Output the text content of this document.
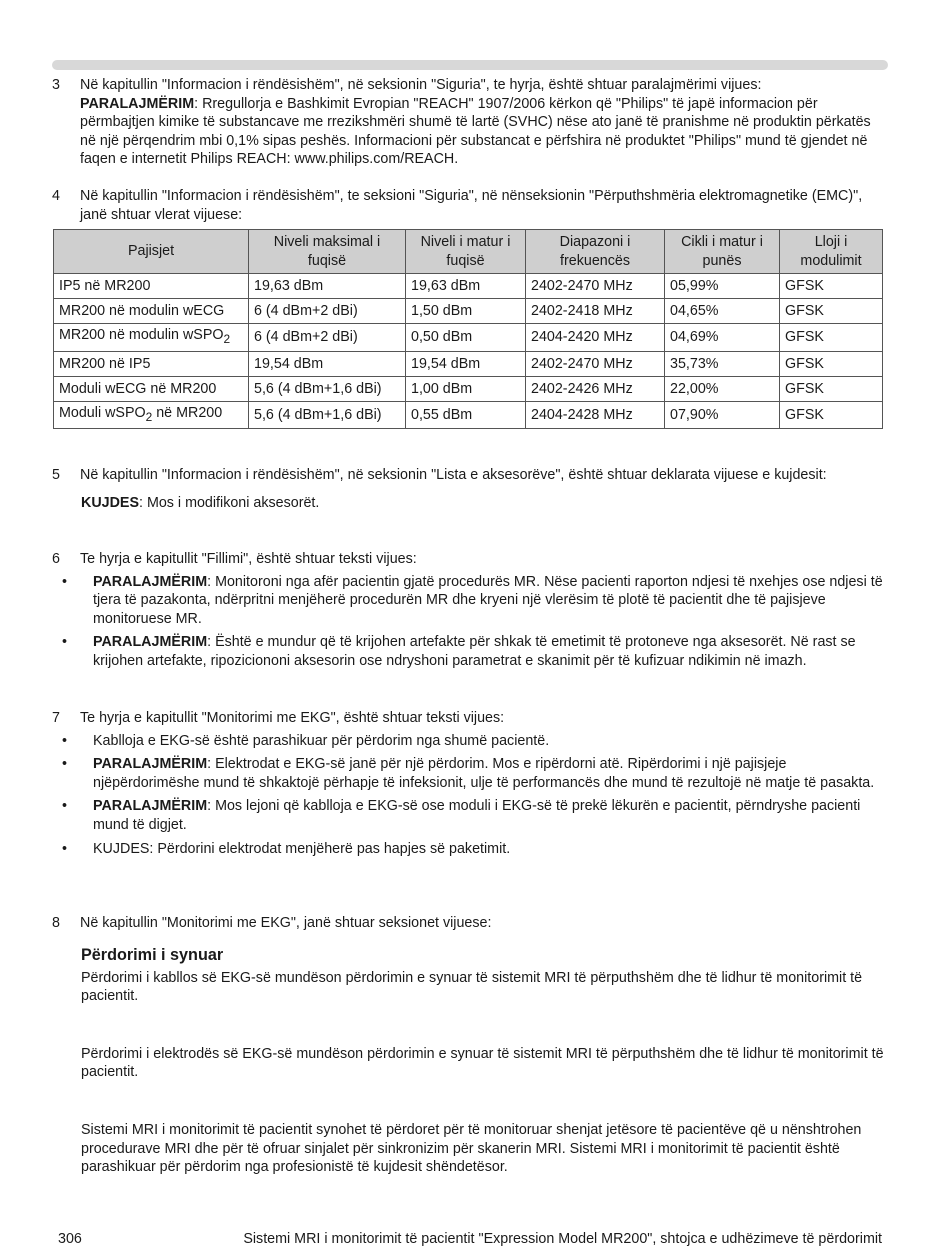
3	Në kapitullin "Informacion i rëndësishëm", në seksionin "Siguria", te hyrja, është shtuar paralajmërimi vijues:

PARALAJMËRIM: Rregullorja e Bashkimit Evropian "REACH" 1907/2006 kërkon që "Philips" të japë informacion për përmbajtjen kimike të substancave me rrezikshmëri shumë të lartë (SVHC) nëse ato janë të pranishme në produktin përkatës në një përqendrim mbi 0,1% sipas peshës. Informacioni për substancat e përfshira në produktet "Philips" mund të gjendet në faqen e internetit Philips REACH: www.philips.com/REACH.

4	Në kapitullin "Informacion i rëndësishëm", te seksioni "Siguria", në nënseksionin "Përputhshmëria elektromagnetike (EMC)", janë shtuar vlerat vijuese:

Pajisjet	Niveli maksimal i fuqisë	Niveli i matur i fuqisë	Diapazoni i frekuencës	Cikli i matur i punës	Lloji i modulimit
IP5 në MR200	19,63 dBm	19,63 dBm	2402-2470 MHz	05,99%	GFSK
MR200 në modulin wECG	6 (4 dBm+2 dBi)	1,50 dBm	2402-2418 MHz	04,65%	GFSK
MR200 në modulin wSPO$_2$	6 (4 dBm+2 dBi)	0,50 dBm	2404-2420 MHz	04,69%	GFSK
MR200 në IP5	19,54 dBm	19,54 dBm	2402-2470 MHz	35,73%	GFSK
Moduli wECG në MR200	5,6 (4 dBm+1,6 dBi)	1,00 dBm	2402-2426 MHz	22,00%	GFSK
Moduli wSPO$_2$ në MR200	5,6 (4 dBm+1,6 dBi)	0,55 dBm	2404-2428 MHz	07,90%	GFSK
5	Në kapitullin "Informacion i rëndësishëm", në seksionin "Lista e aksesorëve", është shtuar deklarata vijuese e kujdesit:

KUJDES: Mos i modifikoni aksesorët.

6	Te hyrja e kapitullit "Fillimi", është shtuar teksti vijues:

• PARALAJMËRIM: Monitoroni nga afër pacientin gjatë procedurës MR. Nëse pacienti raporton ndjesi të nxehjes ose ndjesi të tjera të pazakonta, ndërpritni menjëherë procedurën MR dhe kryeni një vlerësim të plotë të pacientit dhe të pajisjeve monitoruese MR.
• PARALAJMËRIM: Është e mundur që të krijohen artefakte për shkak të emetimit të protoneve nga aksesorët. Në rast se krijohen artefakte, ripoziciononi aksesorin ose ndryshoni parametrat e skanimit për të kufizuar ndikimin në imazh.
7	Te hyrja e kapitullit "Monitorimi me EKG", është shtuar teksti vijues:

• Kablloja e EKG-së është parashikuar për përdorim nga shumë pacientë.
• PARALAJMËRIM: Elektrodat e EKG-së janë për një përdorim. Mos e ripërdorni atë. Ripërdorimi i një pajisjeje njëpërdorimëshe mund të shkaktojë përhapje të infeksionit, ulje të performancës dhe mund të rezultojë në matje të pasakta.
• PARALAJMËRIM: Mos lejoni që kablloja e EKG-së ose moduli i EKG-së të prekë lëkurën e pacientit, përndryshe pacienti mund të digjet.
• KUJDES: Përdorini elektrodat menjëherë pas hapjes së paketimit.
8	Në kapitullin "Monitorimi me EKG", janë shtuar seksionet vijuese:

Përdorimi i synuar

Përdorimi i kabllos së EKG-së mundëson përdorimin e synuar të sistemit MRI të përputhshëm dhe të lidhur të monitorimit të pacientit.

Përdorimi i elektrodës së EKG-së mundëson përdorimin e synuar të sistemit MRI të përputhshëm dhe të lidhur të monitorimit të pacientit.

Sistemi MRI i monitorimit të pacientit synohet të përdoret për të monitoruar shenjat jetësore të pacientëve që u nënshtrohen procedurave MRI dhe për të ofruar sinjalet për sinkronizim për skanerin MRI. Sistemi MRI i monitorimit të pacientit është parashikuar për përdorim nga profesionistë të kujdesit shëndetësor.

306	Sistemi MRI i monitorimit të pacientit "Expression Model MR200", shtojca e udhëzimeve të përdorimit
